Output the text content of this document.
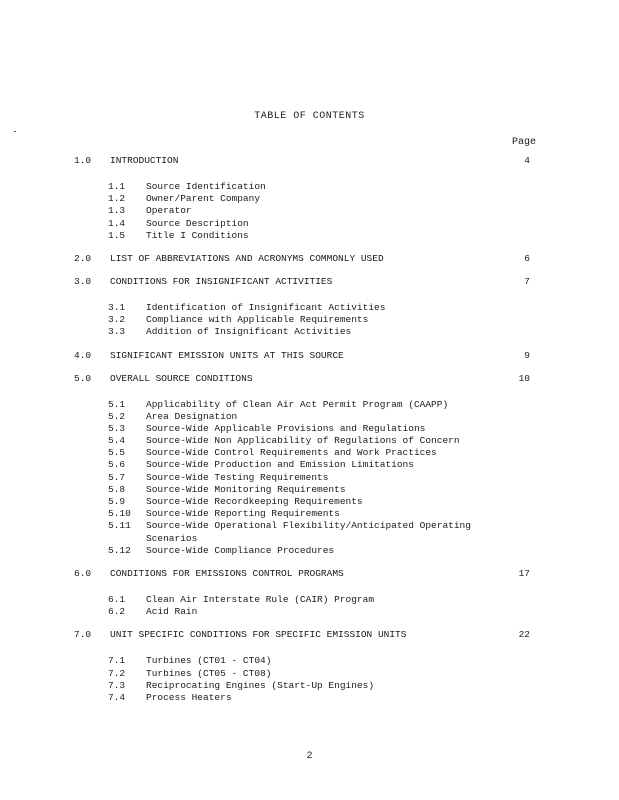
TABLE OF CONTENTS
Page
1.0 INTRODUCTION	4
1.1 Source Identification
1.2 Owner/Parent Company
1.3 Operator
1.4 Source Description
1.5 Title I Conditions
2.0 LIST OF ABBREVIATIONS AND ACRONYMS COMMONLY USED	6
3.0 CONDITIONS FOR INSIGNIFICANT ACTIVITIES	7
3.1 Identification of Insignificant Activities
3.2 Compliance with Applicable Requirements
3.3 Addition of Insignificant Activities
4.0 SIGNIFICANT EMISSION UNITS AT THIS SOURCE	9
5.0 OVERALL SOURCE CONDITIONS	10
5.1 Applicability of Clean Air Act Permit Program (CAAPP)
5.2 Area Designation
5.3 Source-Wide Applicable Provisions and Regulations
5.4 Source-Wide Non Applicability of Regulations of Concern
5.5 Source-Wide Control Requirements and Work Practices
5.6 Source-Wide Production and Emission Limitations
5.7 Source-Wide Testing Requirements
5.8 Source-Wide Monitoring Requirements
5.9 Source-Wide Recordkeeping Requirements
5.10 Source-Wide Reporting Requirements
5.11 Source-Wide Operational Flexibility/Anticipated Operating
Scenarios
5.12 Source-Wide Compliance Procedures
6.0 CONDITIONS FOR EMISSIONS CONTROL PROGRAMS	17
6.1 Clean Air Interstate Rule (CAIR) Program
6.2 Acid Rain
7.0 UNIT SPECIFIC CONDITIONS FOR SPECIFIC EMISSION UNITS	22
7.1 Turbines (CT01 - CT04)
7.2 Turbines (CT05 - CT08)
7.3 Reciprocating Engines (Start-Up Engines)
7.4 Process Heaters
2
